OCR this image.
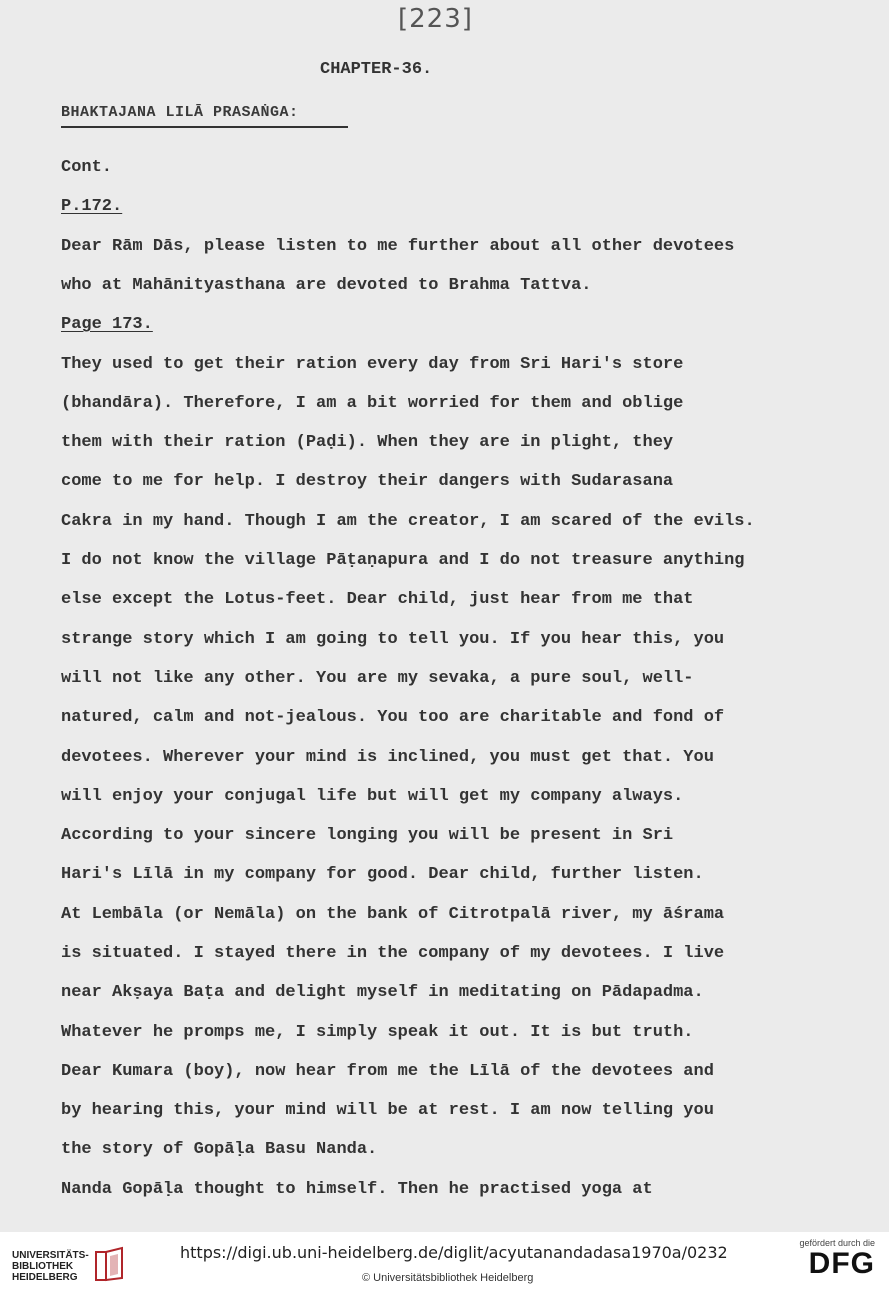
[223]
CHAPTER-36.
BHAKTAJANA LILĀ PRASAṄGA:
Cont.
P.172.
Dear Rām Dās, please listen to me further about all other devotees
who at Mahānityasthana are devoted to Brahma Tattva.
Page 173.
They used to get their ration every day from Sri Hari's store
(bhandāra). Therefore, I am a bit worried for them and oblige
them with their ration (Paḍi). When they are in plight, they
come to me for help. I destroy their dangers with Sudarasana
Cakra in my hand. Though I am the creator, I am scared of the evils.
I do not know the village Pāṭaṇapura and I do not treasure anything
else except the Lotus-feet. Dear child, just hear from me that
strange story which I am going to tell you. If you hear this, you
will not like any other. You are my sevaka, a pure soul, well-
natured, calm and not-jealous. You too are charitable and fond of
devotees. Wherever your mind is inclined, you must get that. You
will enjoy your conjugal life but will get my company always.
According to your sincere longing you will be present in Sri
Hari's Līlā in my company for good. Dear child, further listen.
At Lembāla (or Nemāla) on the bank of Citrotpalā river, my āśrama
is situated. I stayed there in the company of my devotees. I live
near Akṣaya Baṭa and delight myself in meditating on Pādapadma.
Whatever he promps me, I simply speak it out. It is but truth.
Dear Kumara (boy), now hear from me the Līlā of the devotees and
by hearing this, your mind will be at rest. I am now telling you
the story of Gopāḷa Basu Nanda.
Nanda Gopāḷa thought to himself. Then he practised yoga at
UNIVERSITÄTS-
BIBLIOTHEK
HEIDELBERG
https://digi.ub.uni-heidelberg.de/diglit/acyutanandadasa1970a/0232
© Universitätsbibliothek Heidelberg
gefördert durch die
DFG
